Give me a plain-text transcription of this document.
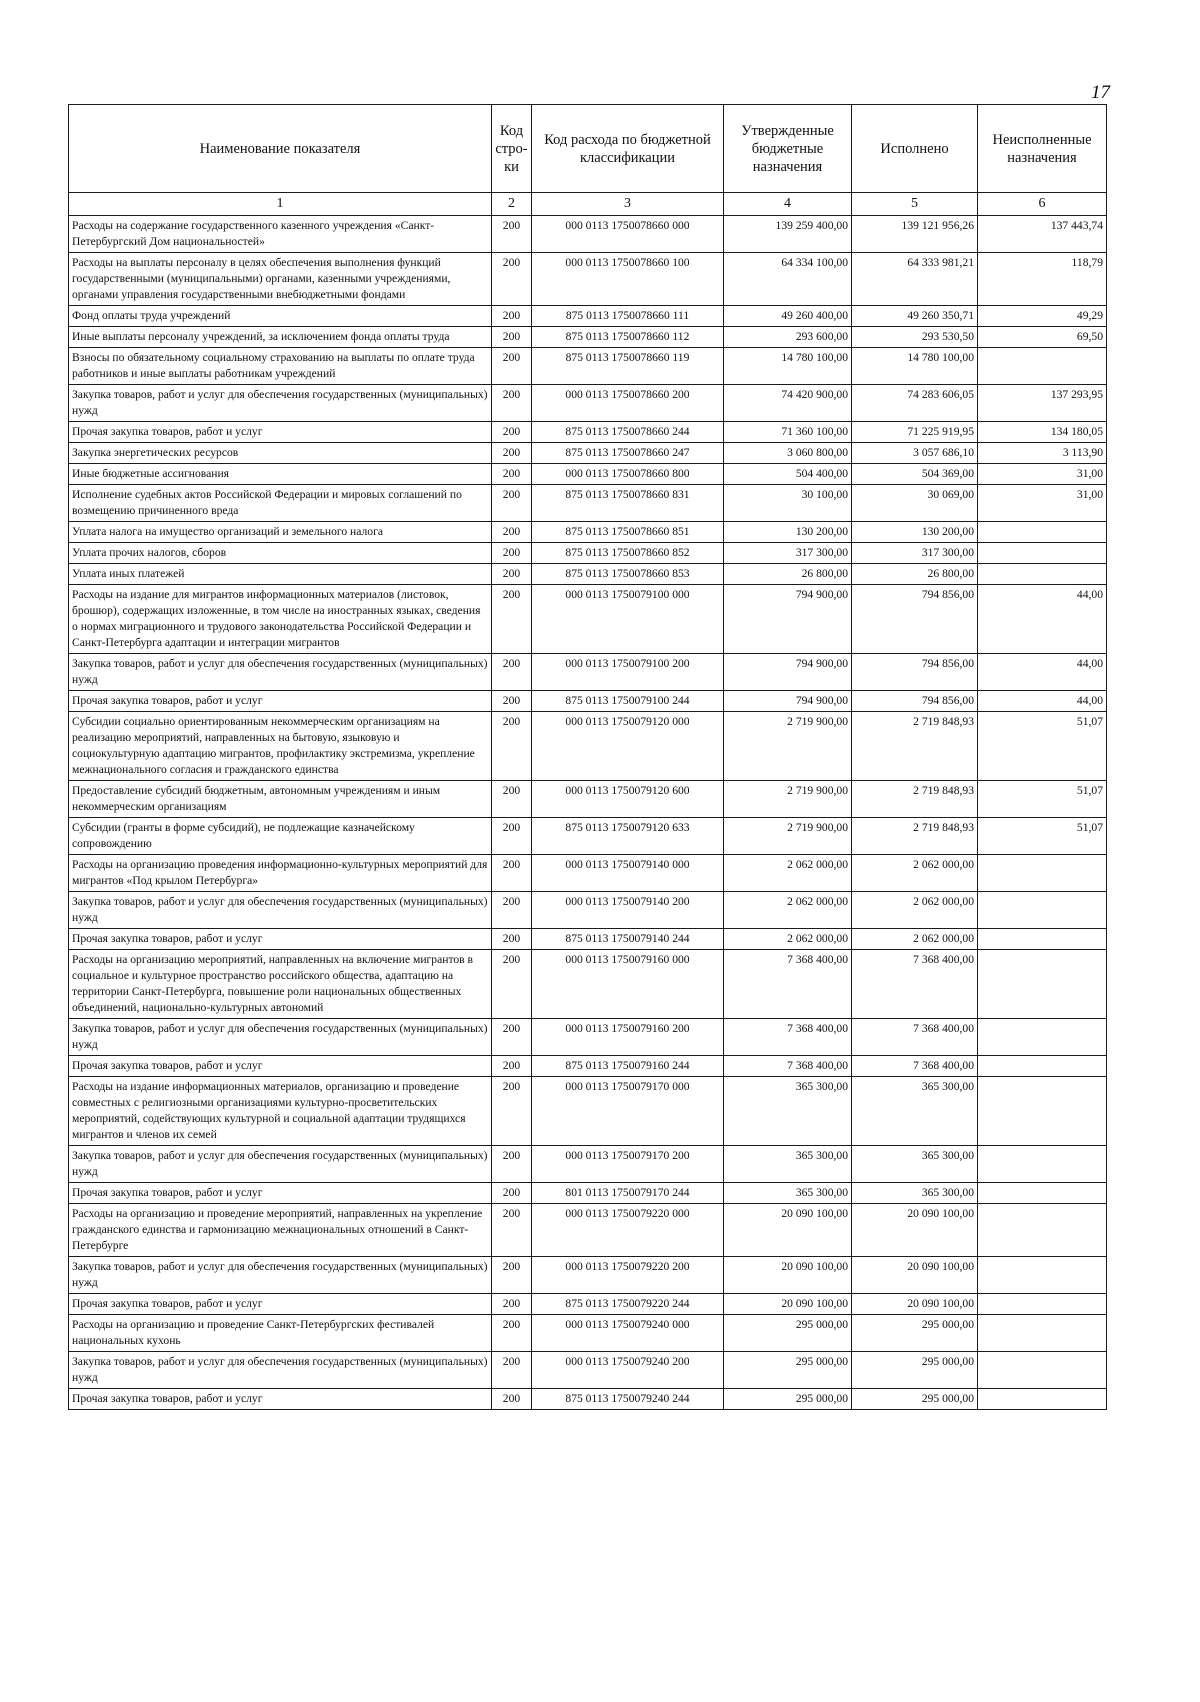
17
Наименование показателя	Код стро-ки	Код расхода по бюджетной классификации	Утвержденные бюджетные назначения	Исполнено	Неисполненные назначения
1	2	3	4	5	6
Расходы на содержание государственного казенного учреждения «Санкт-Петербургский Дом национальностей»	200	000 0113 1750078660 000	139 259 400,00	139 121 956,26	137 443,74
Расходы на выплаты персоналу в целях обеспечения выполнения функций государственными (муниципальными) органами, казенными учреждениями, органами управления государственными внебюджетными фондами	200	000 0113 1750078660 100	64 334 100,00	64 333 981,21	118,79
Фонд оплаты труда учреждений	200	875 0113 1750078660 111	49 260 400,00	49 260 350,71	49,29
Иные выплаты персоналу учреждений, за исключением фонда оплаты труда	200	875 0113 1750078660 112	293 600,00	293 530,50	69,50
Взносы по обязательному социальному страхованию на выплаты по оплате труда работников и иные выплаты работникам учреждений	200	875 0113 1750078660 119	14 780 100,00	14 780 100,00	
Закупка товаров, работ и услуг для обеспечения государственных (муниципальных) нужд	200	000 0113 1750078660 200	74 420 900,00	74 283 606,05	137 293,95
Прочая закупка товаров, работ и услуг	200	875 0113 1750078660 244	71 360 100,00	71 225 919,95	134 180,05
Закупка энергетических ресурсов	200	875 0113 1750078660 247	3 060 800,00	3 057 686,10	3 113,90
Иные бюджетные ассигнования	200	000 0113 1750078660 800	504 400,00	504 369,00	31,00
Исполнение судебных актов Российской Федерации и мировых соглашений по возмещению причиненного вреда	200	875 0113 1750078660 831	30 100,00	30 069,00	31,00
Уплата налога на имущество организаций и земельного налога	200	875 0113 1750078660 851	130 200,00	130 200,00	
Уплата прочих налогов, сборов	200	875 0113 1750078660 852	317 300,00	317 300,00	
Уплата иных платежей	200	875 0113 1750078660 853	26 800,00	26 800,00	
Расходы на издание для мигрантов информационных материалов (листовок, брошюр), содержащих изложенные, в том числе на иностранных языках, сведения о нормах миграционного и трудового законодательства Российской Федерации и Санкт-Петербурга адаптации и интеграции мигрантов	200	000 0113 1750079100 000	794 900,00	794 856,00	44,00
Закупка товаров, работ и услуг для обеспечения государственных (муниципальных) нужд	200	000 0113 1750079100 200	794 900,00	794 856,00	44,00
Прочая закупка товаров, работ и услуг	200	875 0113 1750079100 244	794 900,00	794 856,00	44,00
Субсидии социально ориентированным некоммерческим организациям на реализацию мероприятий, направленных на бытовую, языковую и социокультурную адаптацию мигрантов, профилактику экстремизма, укрепление межнационального согласия и гражданского единства	200	000 0113 1750079120 000	2 719 900,00	2 719 848,93	51,07
Предоставление субсидий бюджетным, автономным учреждениям и иным некоммерческим организациям	200	000 0113 1750079120 600	2 719 900,00	2 719 848,93	51,07
Субсидии (гранты в форме субсидий), не подлежащие казначейскому сопровождению	200	875 0113 1750079120 633	2 719 900,00	2 719 848,93	51,07
Расходы на организацию проведения информационно-культурных мероприятий для мигрантов «Под крылом Петербурга»	200	000 0113 1750079140 000	2 062 000,00	2 062 000,00	
Закупка товаров, работ и услуг для обеспечения государственных (муниципальных) нужд	200	000 0113 1750079140 200	2 062 000,00	2 062 000,00	
Прочая закупка товаров, работ и услуг	200	875 0113 1750079140 244	2 062 000,00	2 062 000,00	
Расходы на организацию мероприятий, направленных на включение мигрантов в социальное и культурное пространство российского общества, адаптацию на территории Санкт-Петербурга, повышение роли национальных общественных объединений, национально-культурных автономий	200	000 0113 1750079160 000	7 368 400,00	7 368 400,00	
Закупка товаров, работ и услуг для обеспечения государственных (муниципальных) нужд	200	000 0113 1750079160 200	7 368 400,00	7 368 400,00	
Прочая закупка товаров, работ и услуг	200	875 0113 1750079160 244	7 368 400,00	7 368 400,00	
Расходы на издание информационных материалов, организацию и проведение совместных с религиозными организациями культурно-просветительских мероприятий, содействующих культурной и социальной адаптации трудящихся мигрантов и членов их семей	200	000 0113 1750079170 000	365 300,00	365 300,00	
Закупка товаров, работ и услуг для обеспечения государственных (муниципальных) нужд	200	000 0113 1750079170 200	365 300,00	365 300,00	
Прочая закупка товаров, работ и услуг	200	801 0113 1750079170 244	365 300,00	365 300,00	
Расходы на организацию и проведение мероприятий, направленных на укрепление гражданского единства и гармонизацию межнациональных отношений в Санкт-Петербурге	200	000 0113 1750079220 000	20 090 100,00	20 090 100,00	
Закупка товаров, работ и услуг для обеспечения государственных (муниципальных) нужд	200	000 0113 1750079220 200	20 090 100,00	20 090 100,00	
Прочая закупка товаров, работ и услуг	200	875 0113 1750079220 244	20 090 100,00	20 090 100,00	
Расходы на организацию и проведение Санкт-Петербургских фестивалей национальных кухонь	200	000 0113 1750079240 000	295 000,00	295 000,00	
Закупка товаров, работ и услуг для обеспечения государственных (муниципальных) нужд	200	000 0113 1750079240 200	295 000,00	295 000,00	
Прочая закупка товаров, работ и услуг	200	875 0113 1750079240 244	295 000,00	295 000,00	
